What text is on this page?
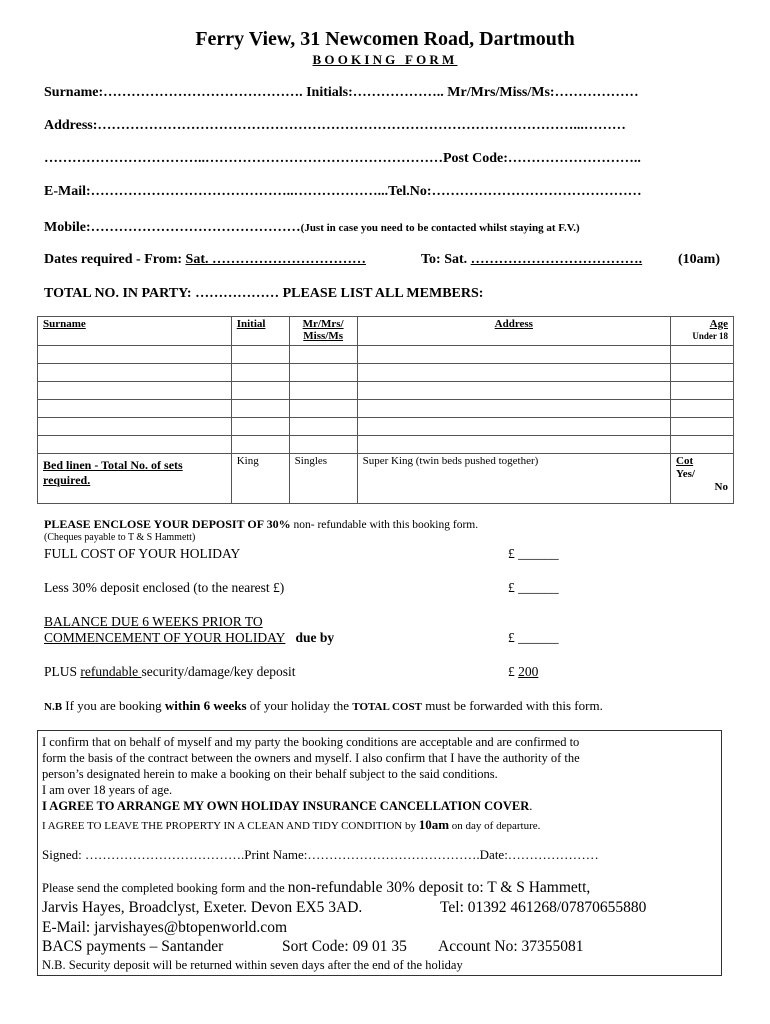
Ferry View, 31 Newcomen Road, Dartmouth
BOOKING FORM
Surname:……………………………………. Initials:……………….. Mr/Mrs/Miss/Ms:………………
Address:…………………………………………………………………………………………...………
……………………………..……………………………………………Post Code:………………………..
E-Mail:……………………………………..………………...Tel.No:………………………………………
Mobile:………………………………………(Just in case you need to be contacted whilst staying at F.V.)
Dates required - From: Sat. ……………………………	To: Sat. ……………………………….	(10am)
TOTAL NO. IN PARTY: ……………… PLEASE LIST ALL MEMBERS:
Surname	Initial	Mr/Mrs/ Miss/Ms	Address	Age
Under 18

Bed linen - Total No. of sets required.	King	Singles	Super King (twin beds pushed together)	Cot

Yes/

No
PLEASE ENCLOSE YOUR DEPOSIT OF 30% non- refundable with this booking form.
(Cheques payable to T & S Hammett)
FULL COST OF YOUR HOLIDAY	£ ______
Less 30% deposit enclosed (to the nearest £)	£ ______
BALANCE DUE 6 WEEKS PRIOR TO
COMMENCEMENT OF YOUR HOLIDAY due by	£ ______
PLUS refundable security/damage/key deposit	£ 200
N.B If you are booking within 6 weeks of your holiday the TOTAL COST must be forwarded with this form.
I confirm that on behalf of myself and my party the booking conditions are acceptable and are confirmed to
form the basis of the contract between the owners and myself. I also confirm that I have the authority of the
person’s designated herein to make a booking on their behalf subject to the said conditions.
I am over 18 years of age.
I AGREE TO ARRANGE MY OWN HOLIDAY INSURANCE CANCELLATION COVER.
I AGREE TO LEAVE THE PROPERTY IN A CLEAN AND TIDY CONDITION by 10am on day of departure.
Signed: ……………………………….Print Name:………………………………….Date:…………………
Please send the completed booking form and the non-refundable 30% deposit to: T & S Hammett,
Jarvis Hayes, Broadclyst, Exeter. Devon EX5 3AD.	Tel: 01392 461268/07870655880
E-Mail: jarvishayes@btopenworld.com
BACS payments – Santander	Sort Code: 09 01 35 Account No: 37355081
N.B. Security deposit will be returned within seven days after the end of the holiday
